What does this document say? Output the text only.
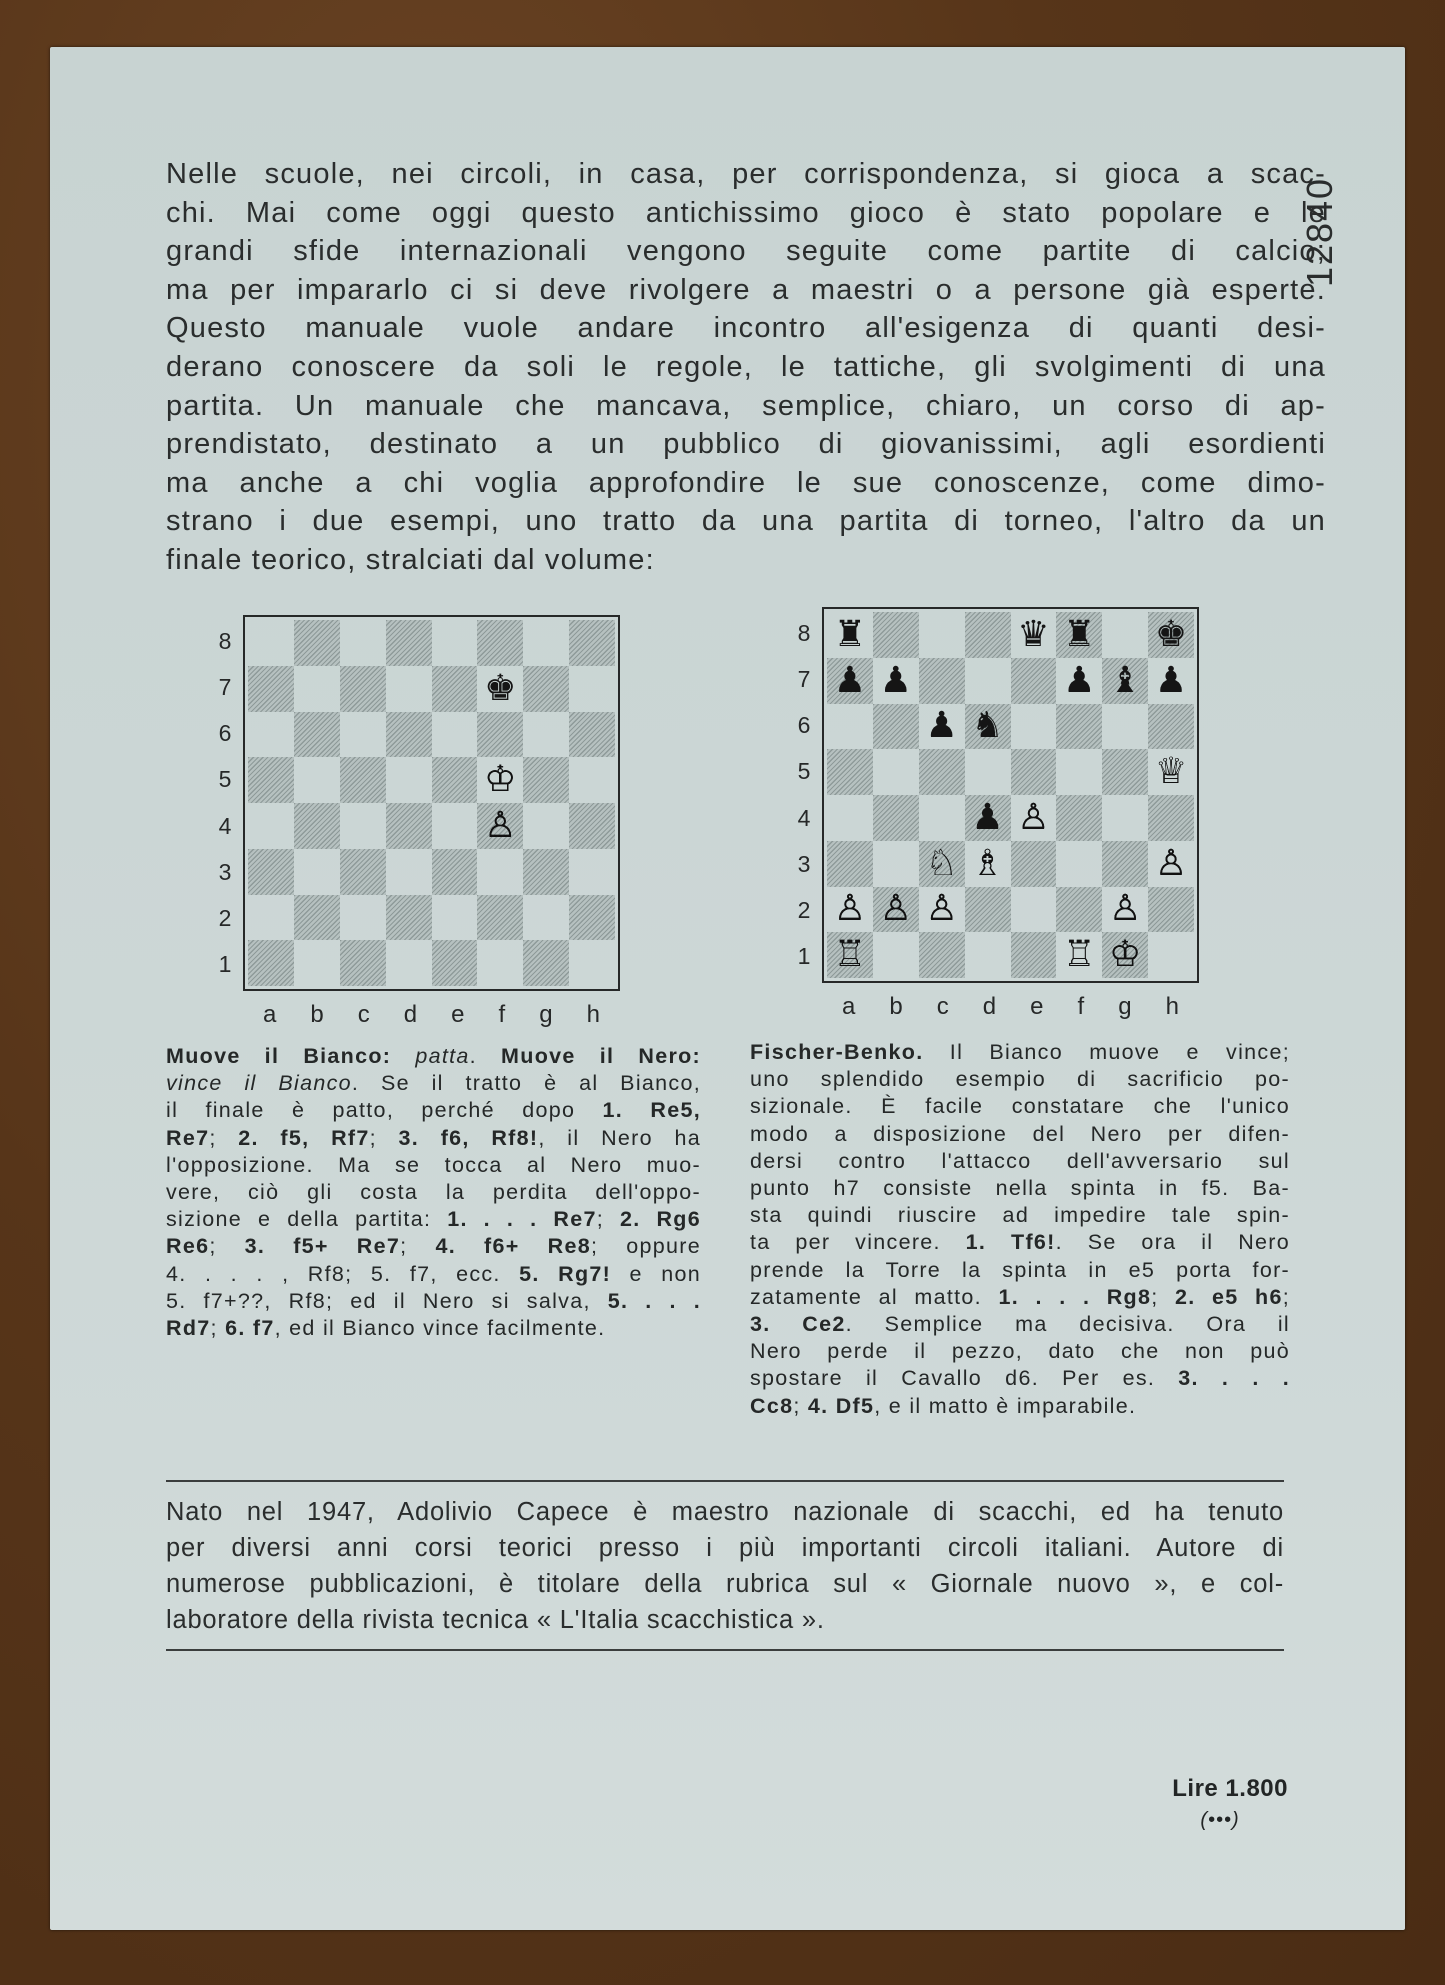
Nelle scuole, nei circoli, in casa, per corrispondenza, si gioca a scac-
chi. Mai come oggi questo antichissimo gioco è stato popolare e le
grandi sfide internazionali vengono seguite come partite di calcio;
ma per impararlo ci si deve rivolgere a maestri o a persone già esperte.
Questo manuale vuole andare incontro all'esigenza di quanti desi-
derano conoscere da soli le regole, le tattiche, gli svolgimenti di una
partita. Un manuale che mancava, semplice, chiaro, un corso di ap-
prendistato, destinato a un pubblico di giovanissimi, agli esordienti
ma anche a chi voglia approfondire le sue conoscenze, come dimo-
strano i due esempi, uno tratto da una partita di torneo, l'altro da un
finale teorico, stralciati dal volume:
12840
8
7
6
5
4
3
2
1
♚
♔
♙
a b c d e f g h
8
7
6
5
4
3
2
1
♜	♛ ♜ ♚
♟ ♟	♟ ♝ ♟
♟ ♞
♕
♟ ♙
♘ ♗	♙
♙ ♙ ♙	♙
♖	♖ ♔
a b c d e f g h
Muove il Bianco: patta. Muove il Nero:
vince il Bianco. Se il tratto è al Bianco,
il finale è patto, perché dopo 1. Re5,
Re7; 2. f5, Rf7; 3. f6, Rf8!, il Nero ha
l'opposizione. Ma se tocca al Nero muo-
vere, ciò gli costa la perdita dell'oppo-
sizione e della partita: 1. . . . Re7; 2. Rg6
Re6; 3. f5+ Re7; 4. f6+ Re8; oppure
4. . . . , Rf8; 5. f7, ecc. 5. Rg7! e non
5. f7+??, Rf8; ed il Nero si salva, 5. . . .
Rd7; 6. f7, ed il Bianco vince facilmente.
Fischer-Benko. Il Bianco muove e vince;
uno splendido esempio di sacrificio po-
sizionale. È facile constatare che l'unico
modo a disposizione del Nero per difen-
dersi contro l'attacco dell'avversario sul
punto h7 consiste nella spinta in f5. Ba-
sta quindi riuscire ad impedire tale spin-
ta per vincere. 1. Tf6!. Se ora il Nero
prende la Torre la spinta in e5 porta for-
zatamente al matto. 1. . . . Rg8; 2. e5 h6;
3. Ce2. Semplice ma decisiva. Ora il
Nero perde il pezzo, dato che non può
spostare il Cavallo d6. Per es. 3. . . .
Cc8; 4. Df5, e il matto è imparabile.
Nato nel 1947, Adolivio Capece è maestro nazionale di scacchi, ed ha tenuto
per diversi anni corsi teorici presso i più importanti circoli italiani. Autore di
numerose pubblicazioni, è titolare della rubrica sul « Giornale nuovo », e col-
laboratore della rivista tecnica « L'Italia scacchistica ».
Lire 1.800
(•••)
